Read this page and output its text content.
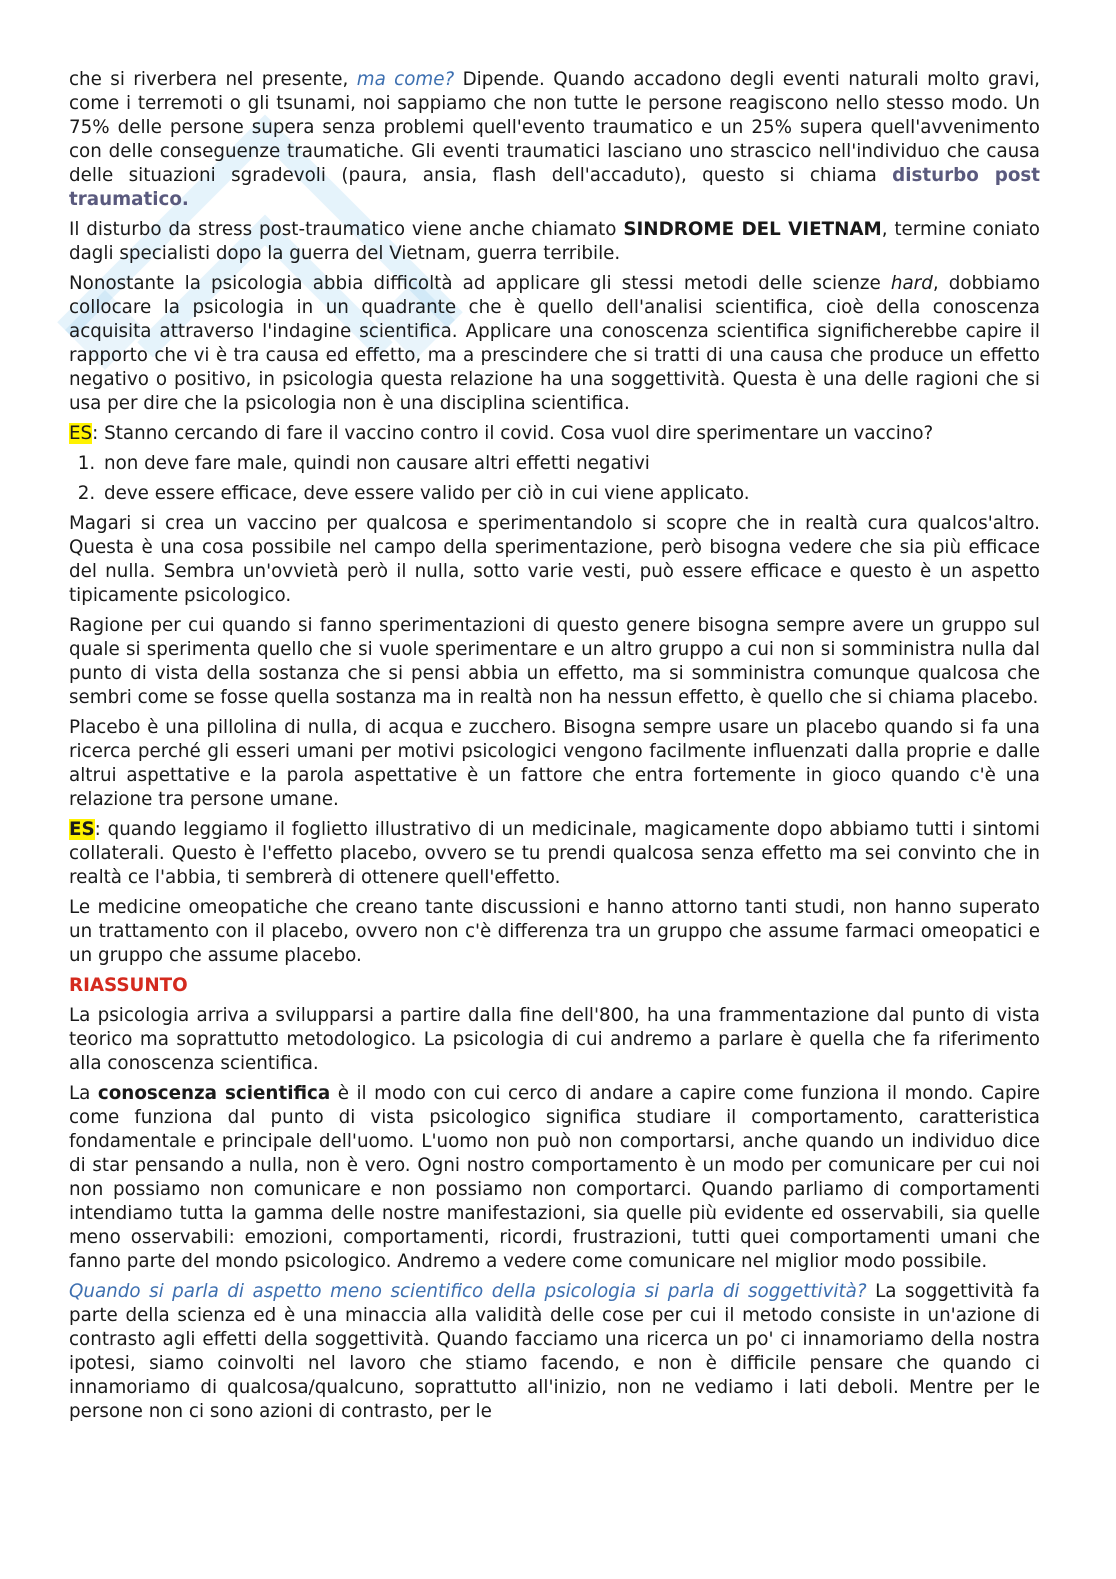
che si riverbera nel presente, ma come? Dipende. Quando accadono degli eventi naturali molto gravi, come i terremoti o gli tsunami, noi sappiamo che non tutte le persone reagiscono nello stesso modo. Un 75% delle persone supera senza problemi quell'evento traumatico e un 25% supera quell'avvenimento con delle conseguenze traumatiche. Gli eventi traumatici lasciano uno strascico nell'individuo che causa delle situazioni sgradevoli (paura, ansia, flash dell'accaduto), questo si chiama disturbo post traumatico.

Il disturbo da stress post-traumatico viene anche chiamato SINDROME DEL VIETNAM, termine coniato dagli specialisti dopo la guerra del Vietnam, guerra terribile.

Nonostante la psicologia abbia difficoltà ad applicare gli stessi metodi delle scienze hard, dobbiamo collocare la psicologia in un quadrante che è quello dell'analisi scientifica, cioè della conoscenza acquisita attraverso l'indagine scientifica. Applicare una conoscenza scientifica significherebbe capire il rapporto che vi è tra causa ed effetto, ma a prescindere che si tratti di una causa che produce un effetto negativo o positivo, in psicologia questa relazione ha una soggettività. Questa è una delle ragioni che si usa per dire che la psicologia non è una disciplina scientifica.

ES: Stanno cercando di fare il vaccino contro il covid. Cosa vuol dire sperimentare un vaccino?

1. non deve fare male, quindi non causare altri effetti negativi
2. deve essere efficace, deve essere valido per ciò in cui viene applicato.

Magari si crea un vaccino per qualcosa e sperimentandolo si scopre che in realtà cura qualcos'altro. Questa è una cosa possibile nel campo della sperimentazione, però bisogna vedere che sia più efficace del nulla. Sembra un'ovvietà però il nulla, sotto varie vesti, può essere efficace e questo è un aspetto tipicamente psicologico.

Ragione per cui quando si fanno sperimentazioni di questo genere bisogna sempre avere un gruppo sul quale si sperimenta quello che si vuole sperimentare e un altro gruppo a cui non si somministra nulla dal punto di vista della sostanza che si pensi abbia un effetto, ma si somministra comunque qualcosa che sembri come se fosse quella sostanza ma in realtà non ha nessun effetto, è quello che si chiama placebo.

Placebo è una pillolina di nulla, di acqua e zucchero. Bisogna sempre usare un placebo quando si fa una ricerca perché gli esseri umani per motivi psicologici vengono facilmente influenzati dalla proprie e dalle altrui aspettative e la parola aspettative è un fattore che entra fortemente in gioco quando c'è una relazione tra persone umane.

ES: quando leggiamo il foglietto illustrativo di un medicinale, magicamente dopo abbiamo tutti i sintomi collaterali. Questo è l'effetto placebo, ovvero se tu prendi qualcosa senza effetto ma sei convinto che in realtà ce l'abbia, ti sembrerà di ottenere quell'effetto.

Le medicine omeopatiche che creano tante discussioni e hanno attorno tanti studi, non hanno superato un trattamento con il placebo, ovvero non c'è differenza tra un gruppo che assume farmaci omeopatici e un gruppo che assume placebo.

RIASSUNTO

La psicologia arriva a svilupparsi a partire dalla fine dell'800, ha una frammentazione dal punto di vista teorico ma soprattutto metodologico. La psicologia di cui andremo a parlare è quella che fa riferimento alla conoscenza scientifica.

La conoscenza scientifica è il modo con cui cerco di andare a capire come funziona il mondo. Capire come funziona dal punto di vista psicologico significa studiare il comportamento, caratteristica fondamentale e principale dell'uomo. L'uomo non può non comportarsi, anche quando un individuo dice di star pensando a nulla, non è vero. Ogni nostro comportamento è un modo per comunicare per cui noi non possiamo non comunicare e non possiamo non comportarci. Quando parliamo di comportamenti intendiamo tutta la gamma delle nostre manifestazioni, sia quelle più evidente ed osservabili, sia quelle meno osservabili: emozioni, comportamenti, ricordi, frustrazioni, tutti quei comportamenti umani che fanno parte del mondo psicologico. Andremo a vedere come comunicare nel miglior modo possibile.

Quando si parla di aspetto meno scientifico della psicologia si parla di soggettività? La soggettività fa parte della scienza ed è una minaccia alla validità delle cose per cui il metodo consiste in un'azione di contrasto agli effetti della soggettività. Quando facciamo una ricerca un po' ci innamoriamo della nostra ipotesi, siamo coinvolti nel lavoro che stiamo facendo, e non è difficile pensare che quando ci innamoriamo di qualcosa/qualcuno, soprattutto all'inizio, non ne vediamo i lati deboli. Mentre per le persone non ci sono azioni di contrasto, per le
